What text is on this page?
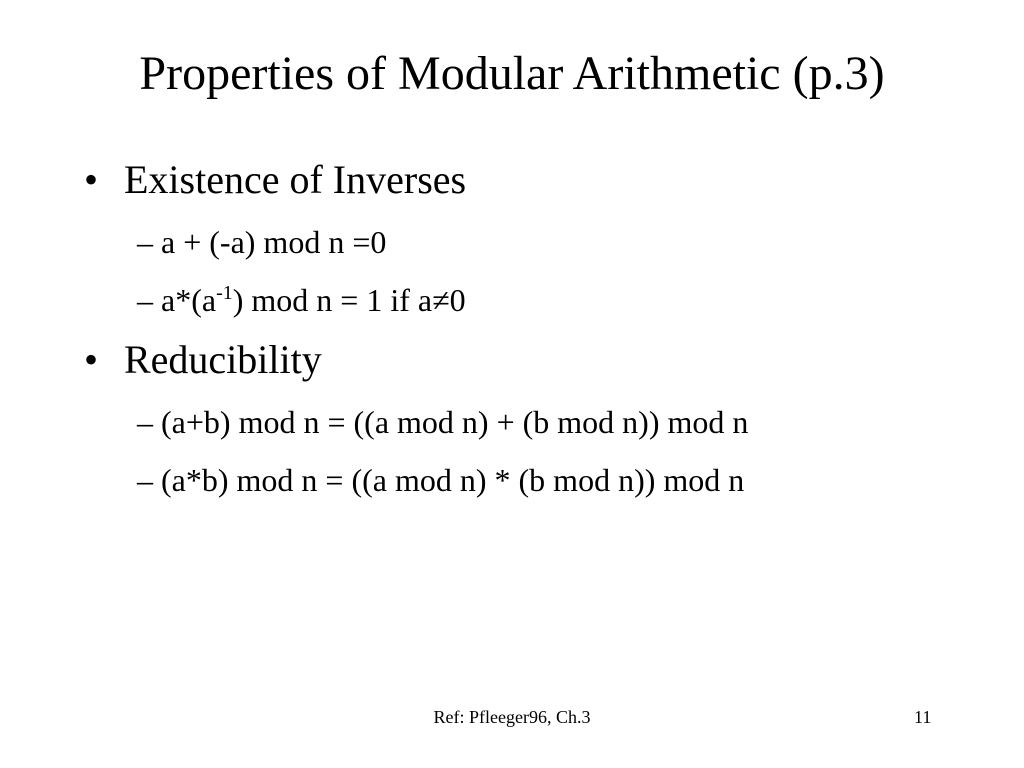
Properties of Modular Arithmetic (p.3)
• Existence of Inverses
– a + (-a) mod n =0
– $a*(a^{-1})$ mod n = 1 if a≠0
• Reducibility
– (a+b) mod n = ((a mod n) + (b mod n)) mod n
– (a*b) mod n = ((a mod n) * (b mod n)) mod n
Ref: Pfleeger96, Ch.3	11
